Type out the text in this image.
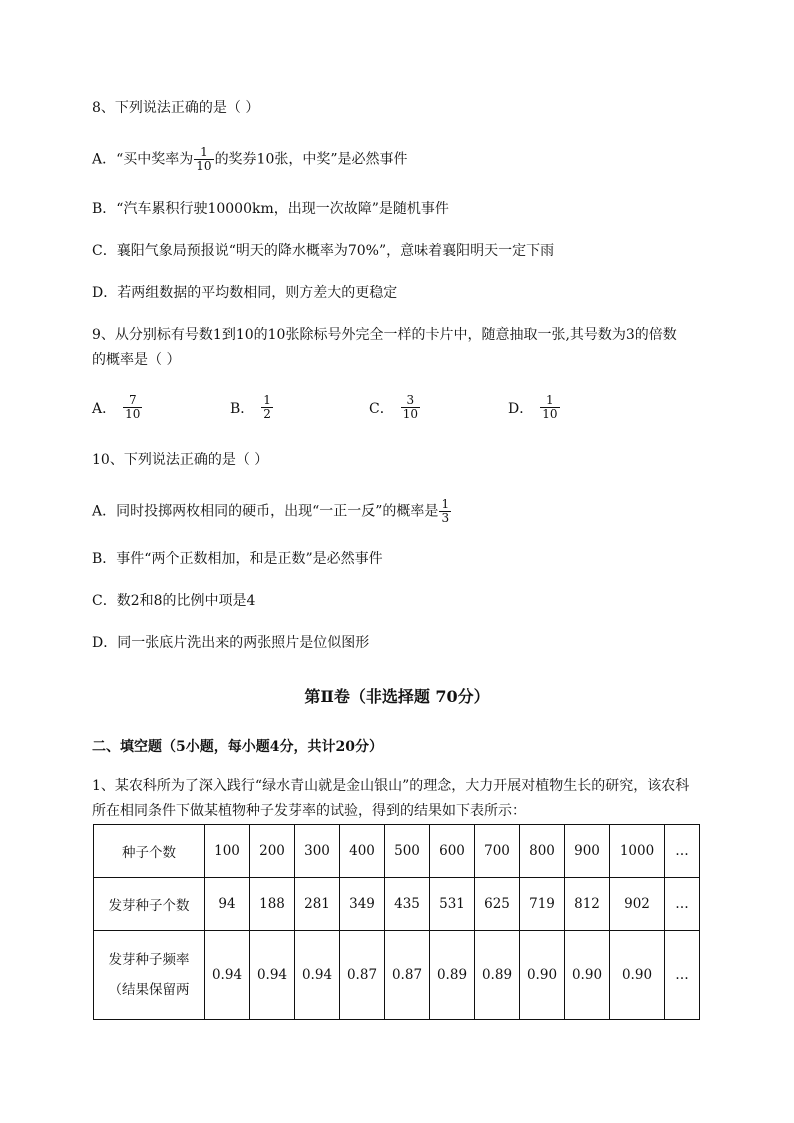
8、下列说法正确的是（ ）
A．“买中奖率为 $\frac{1}{10}$ 的奖券10张，中奖”是必然事件
B．“汽车累积行驶10000km，出现一次故障”是随机事件
C．襄阳气象局预报说“明天的降水概率为70%”，意味着襄阳明天一定下雨
D．若两组数据的平均数相同，则方差大的更稳定
9、从分别标有号数1到10的10张除标号外完全一样的卡片中，随意抽取一张,其号数为3的倍数
的概率是（ ）
A． $\frac{7}{10}$	B． $\frac{1}{2}$	C． $\frac{3}{10}$	D． $\frac{1}{10}$
10、下列说法正确的是（ ）
A．同时投掷两枚相同的硬币，出现“一正一反”的概率是 $\frac{1}{3}$
B．事件“两个正数相加，和是正数”是必然事件
C．数2和8的比例中项是4
D．同一张底片洗出来的两张照片是位似图形
第Ⅱ卷（非选择题 70分）
二、填空题（5小题，每小题4分，共计20分）
1、某农科所为了深入践行“绿水青山就是金山银山”的理念，大力开展对植物生长的研究，该农科
所在相同条件下做某植物种子发芽率的试验，得到的结果如下表所示：
种子个数	100	200	300	400	500	600	700	800	900	1000	…
发芽种子个数	94	188	281	349	435	531	625	719	812	902	…

发芽种子频率
（结果保留两	0.94	0.94	0.94	0.87	0.87	0.89	0.89	0.90	0.90	0.90	…
